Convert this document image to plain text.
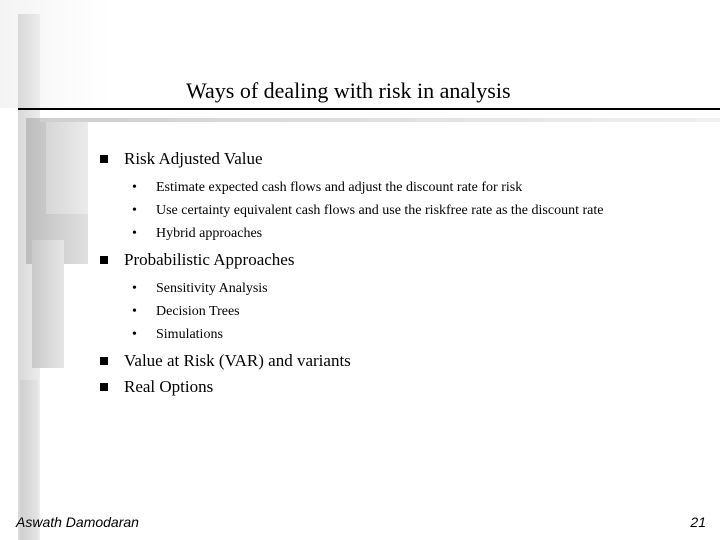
Ways of dealing with risk in analysis
Risk Adjusted Value
• Estimate expected cash flows and adjust the discount rate for risk
• Use certainty equivalent cash flows and use the riskfree rate as the discount rate
• Hybrid approaches
Probabilistic Approaches
• Sensitivity Analysis
• Decision Trees
• Simulations
Value at Risk (VAR) and variants
Real Options
Aswath Damodaran	21
